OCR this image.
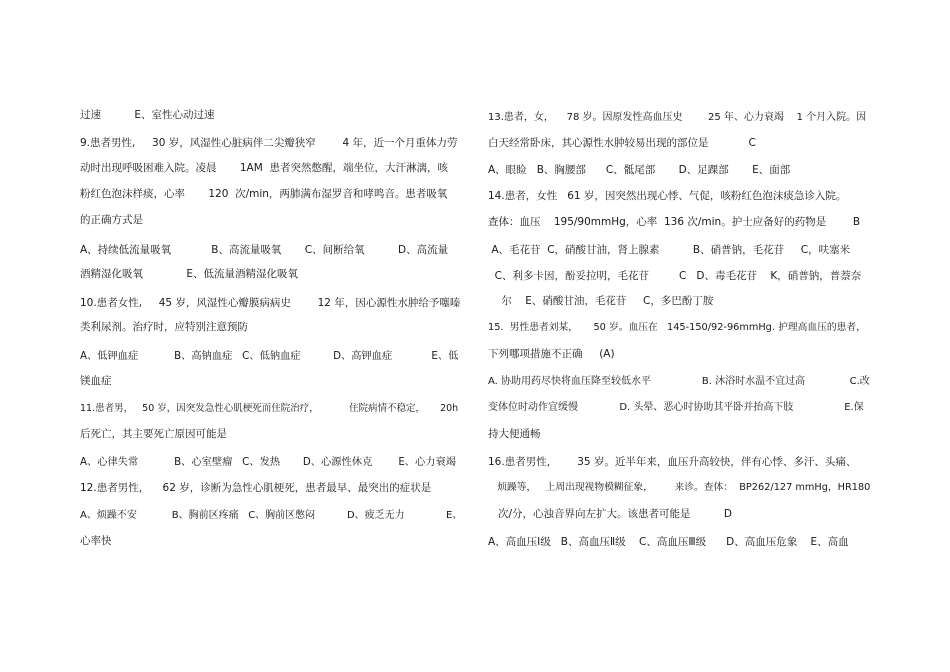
过速          E、室性心动过速
9.患者男性,     30 岁，风湿性心脏病伴二尖瓣狭窄        4 年，近一个月重体力劳
动时出现呼吸困难入院。凌晨       1AM  患者突然憋醒，端坐位，大汗淋漓，咳
粉红色泡沫样痰，心率       120  次/min，两肺满布湿罗音和哮鸣音。患者吸氧
的正确方式是
A、持续低流量吸氧            B、高流量吸氧       C、间断给氧          D、高流量
酒精湿化吸氧             E、低流量酒精湿化吸氧
10.患者女性,     45 岁，风湿性心瓣膜病病史        12 年，因心源性水肿给予噻嗪
类利尿剂。治疗时，应特别注意预防
A、低钾血症           B、高钠血症   C、低钠血症          D、高钾血症            E、低
镁血症
11.患者男，   50 岁，因突发急性心肌梗死而住院治疗，          住院病情不稳定，     20h
后死亡，其主要死亡原因可能是
A、心律失常           B、心室壁瘤   C、发热       D、心源性休克        E、心力衰竭
12.患者男性，    62 岁，诊断为急性心肌梗死，患者最早、最突出的症状是
A、烦躁不安           B、胸前区疼痛   C、胸前区憋闷          D、疲乏无力             E、
心率快
13.患者，女，    78 岁。因原发性高血压史        25 年、心力衰竭    1 个月入院。因
白天经常卧床，其心源性水肿较易出现的部位是            C
A、眼睑   B、胸腰部      C、骶尾部       D、足踝部       E、面部
14.患者，女性   61 岁，因突然出现心悸、气促，咳粉红色泡沫痰急诊入院。
查体：血压    195/90mmHg，心率  136 次/min。护士应备好的药物是        B
A、毛花苷  C，硝酸甘油，肾上腺素          B、硝普钠，毛花苷     C，呋塞米
C、利多卡因，酚妥拉明，毛花苷         C   D、毒毛花苷    K，硝普钠，普萘奈
尔    E、硝酸甘油，毛花苷     C，多巴酚丁胺
15.  男性患者刘某，     50 岁。血压在   145-150/92-96mmHg. 护理高血压的患者，
下列哪项措施不正确     (A)
A. 协助用药尽快将血压降至较低水平                B. 沐浴时水温不宜过高              C.改
变体位时动作宜缓慢             D. 头晕、恶心时协助其平卧并抬高下肢                E.保
持大便通畅
16.患者男性，      35 岁。近半年来，血压升高较快，伴有心悸、多汗、头痛、
烦躁等，   上周出现视物模糊征象，       来诊。查体：  BP262/127 mmHg，HR180
次/分，心浊音界向左扩大。该患者可能是          D
A、高血压Ⅰ级   B、高血压Ⅱ级    C、高血压Ⅲ级      D、高血压危象    E、高血
